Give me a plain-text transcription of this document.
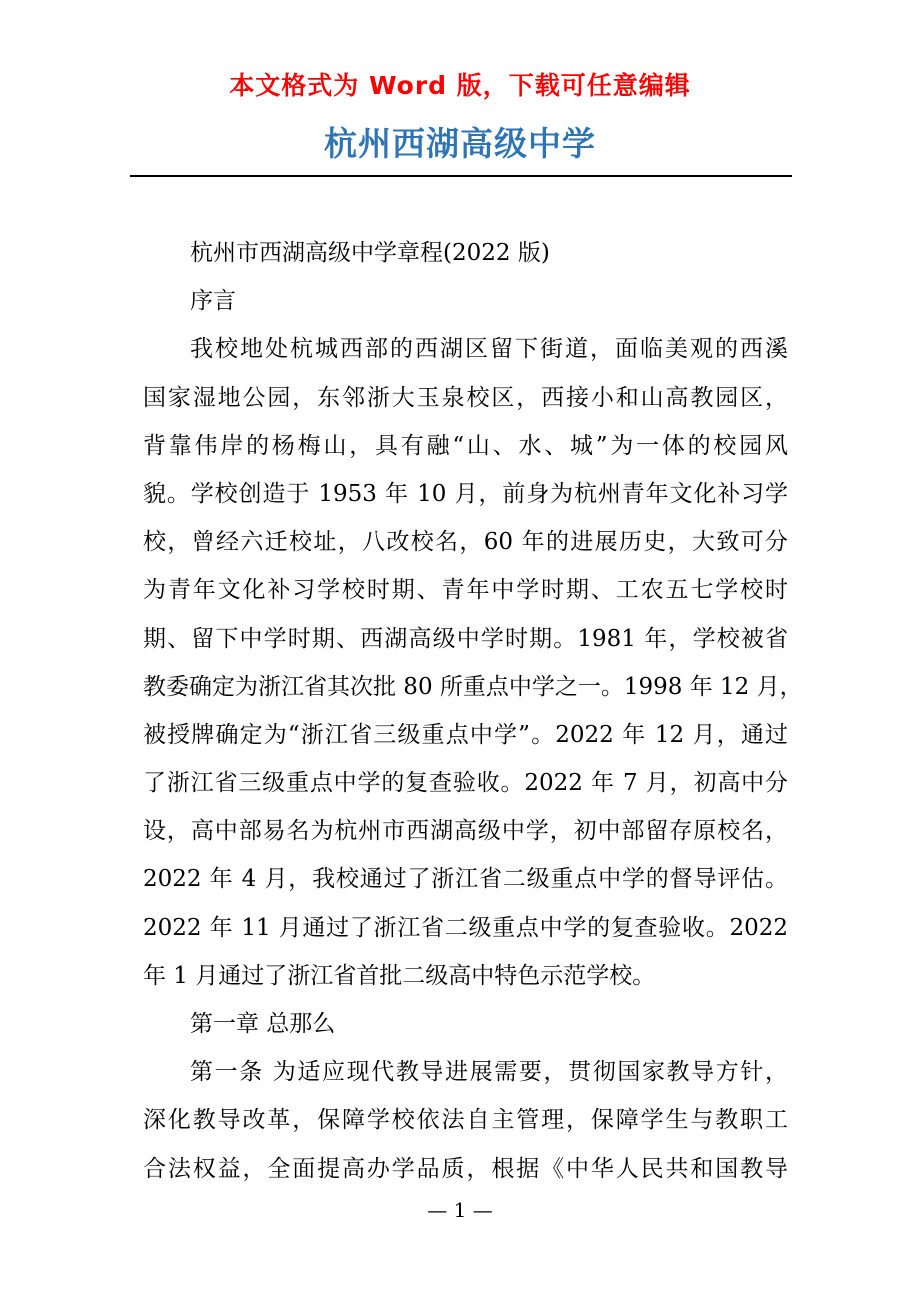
本文格式为 Word 版，下载可任意编辑
杭州西湖高级中学
杭州市西湖高级中学章程(2022 版)
序言
我校地处杭城西部的西湖区留下街道，面临美观的西溪
国家湿地公园，东邻浙大玉泉校区，西接小和山高教园区，
背靠伟岸的杨梅山，具有融“山、水、城”为一体的校园风
貌。学校创造于 1953 年 10 月，前身为杭州青年文化补习学
校，曾经六迁校址，八改校名，60 年的进展历史，大致可分
为青年文化补习学校时期、青年中学时期、工农五七学校时
期、留下中学时期、西湖高级中学时期。1981 年，学校被省
教委确定为浙江省其次批 80 所重点中学之一。1998 年 12 月，
被授牌确定为“浙江省三级重点中学”。2022 年 12 月，通过
了浙江省三级重点中学的复查验收。2022 年 7 月，初高中分
设，高中部易名为杭州市西湖高级中学，初中部留存原校名，
2022 年 4 月，我校通过了浙江省二级重点中学的督导评估。
2022 年 11 月通过了浙江省二级重点中学的复查验收。2022
年 1 月通过了浙江省首批二级高中特色示范学校。
第一章 总那么
第一条 为适应现代教导进展需要，贯彻国家教导方针，
深化教导改革，保障学校依法自主管理，保障学生与教职工
合法权益，全面提高办学品质，根据《中华人民共和国教导
— 1 —
